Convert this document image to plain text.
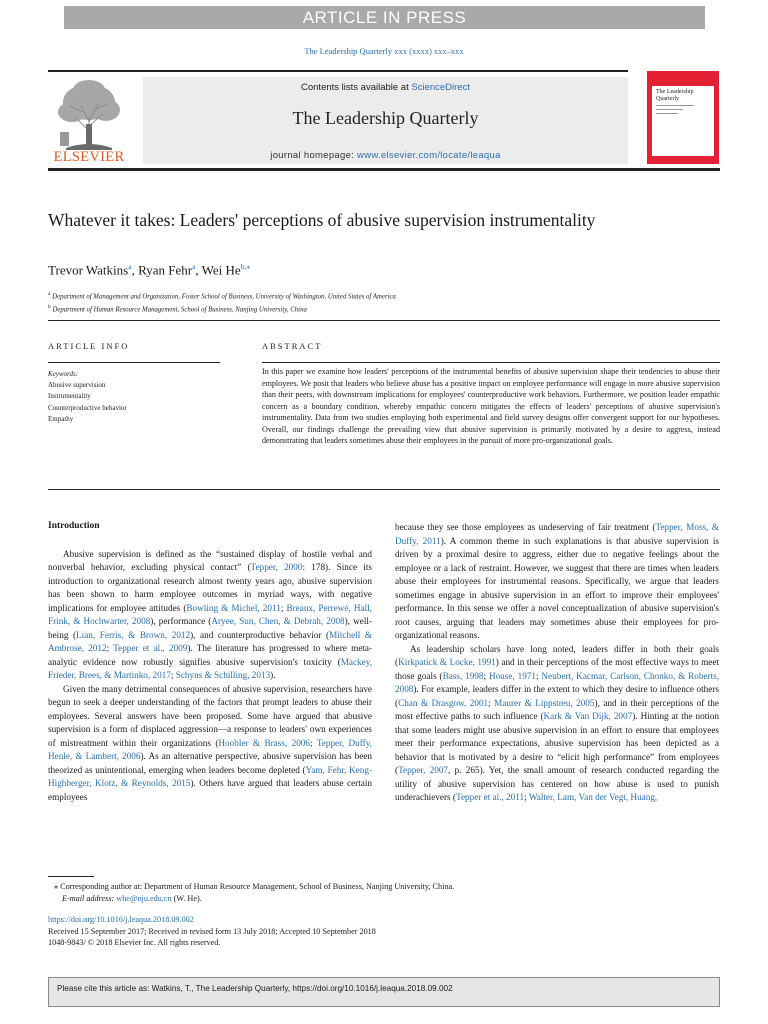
ARTICLE IN PRESS
The Leadership Quarterly xxx (xxxx) xxx–xxx
ELSEVIER
Contents lists available at ScienceDirect
The Leadership Quarterly
journal homepage: www.elsevier.com/locate/leaqua
The Leadership Quarterly
Whatever it takes: Leaders' perceptions of abusive supervision instrumentality
Trevor Watkins$^a$, Ryan Fehr$^a$, Wei $He^{b,⁎}$
$^a$ Department of Management and Organization, Foster School of Business, University of Washington, United States of America
$^b$ Department of Human Resource Management, School of Business, Nanjing University, China
ARTICLE INFO	ABSTRACT
Keywords:
Abusive supervision
Instrumentality
Counterproductive behavior
Empathy
In this paper we examine how leaders' perceptions of the instrumental benefits of abusive supervision shape their tendencies to abuse their employees. We posit that leaders who believe abuse has a positive impact on employee performance will engage in more abusive supervision than their peers, with downstream implications for employees' counterproductive work behaviors. Furthermore, we position leader empathic concern as a boundary condition, whereby empathic concern mitigates the effects of leaders' perceptions of abusive supervision's instrumentality. Data from two studies employing both experimental and field survey designs offer convergent support for our hypotheses. Overall, our findings challenge the prevailing view that abusive supervision is primarily motivated by a desire to aggress, instead demonstrating that leaders sometimes abuse their employees in the pursuit of more pro-organizational goals.
Introduction

Abusive supervision is defined as the “sustained display of hostile verbal and nonverbal behavior, excluding physical contact” (Tepper, 2000: 178). Since its introduction to organizational research almost twenty years ago, abusive supervision has been shown to harm employee outcomes in myriad ways, with negative implications for employee attitudes (Bowling & Michel, 2011; Breaux, Perrewé, Hall, Frink, & Hochwarter, 2008), performance (Aryee, Sun, Chen, & Debrah, 2008), well-being (Lian, Ferris, & Brown, 2012), and counterproductive behavior (Mitchell & Ambrose, 2012; Tepper et al., 2009). The literature has progressed to where meta-analytic evidence now robustly signifies abusive supervision's toxicity (Mackey, Frieder, Brees, & Martinko, 2017; Schyns & Schilling, 2013).

Given the many detrimental consequences of abusive supervision, researchers have begun to seek a deeper understanding of the factors that prompt leaders to abuse their employees. Several answers have been proposed. Some have argued that abusive supervision is a form of displaced aggression—a response to leaders' own experiences of mistreatment within their organizations (Hoobler & Brass, 2006; Tepper, Duffy, Henle, & Lambert, 2006). As an alternative perspective, abusive supervision has been theorized as unintentional, emerging when leaders become depleted (Yam, Fehr, Keng-Highberger, Klotz, & Reynolds, 2015). Others have argued that leaders abuse certain employees

because they see those employees as undeserving of fair treatment (Tepper, Moss, & Duffy, 2011). A common theme in such explanations is that abusive supervision is driven by a proximal desire to aggress, either due to negative feelings about the employee or a lack of restraint. However, we suggest that there are times when leaders abuse their employees for instrumental reasons. Specifically, we argue that leaders sometimes engage in abusive supervision in an effort to improve their employees' performance. In this sense we offer a novel conceptualization of abusive supervision's root causes, arguing that leaders may sometimes abuse their employees for pro-organizational reasons.

As leadership scholars have long noted, leaders differ in both their goals (Kirkpatick & Locke, 1991) and in their perceptions of the most effective ways to meet those goals (Bass, 1998; House, 1971; Neubert, Kacmar, Carlson, Chonko, & Roberts, 2008). For example, leaders differ in the extent to which they desire to influence others (Chan & Drasgow, 2001; Maurer & Lippstreu, 2005), and in their perceptions of the most effective paths to such influence (Kark & Van Dijk, 2007). Hinting at the notion that some leaders might use abusive supervision in an effort to ensure that employees meet their performance expectations, abusive supervision has been depicted as a behavior that is motivated by a desire to “elicit high performance” from employees (Tepper, 2007, p. 265). Yet, the small amount of research conducted regarding the utility of abusive supervision has centered on how abuse is used to punish underachievers (Tepper et al., 2011; Walter, Lam, Van der Vegt, Huang,

⁎ Corresponding author at: Department of Human Resource Management, School of Business, Nanjing University, China.
E-mail address: whe@nju.edu.cn (W. He).
https://doi.org/10.1016/j.leaqua.2018.09.002
Received 15 September 2017; Received in revised form 13 July 2018; Accepted 10 September 2018
1048-9843/ © 2018 Elsevier Inc. All rights reserved.
Please cite this article as: Watkins, T., The Leadership Quarterly, https://doi.org/10.1016/j.leaqua.2018.09.002
